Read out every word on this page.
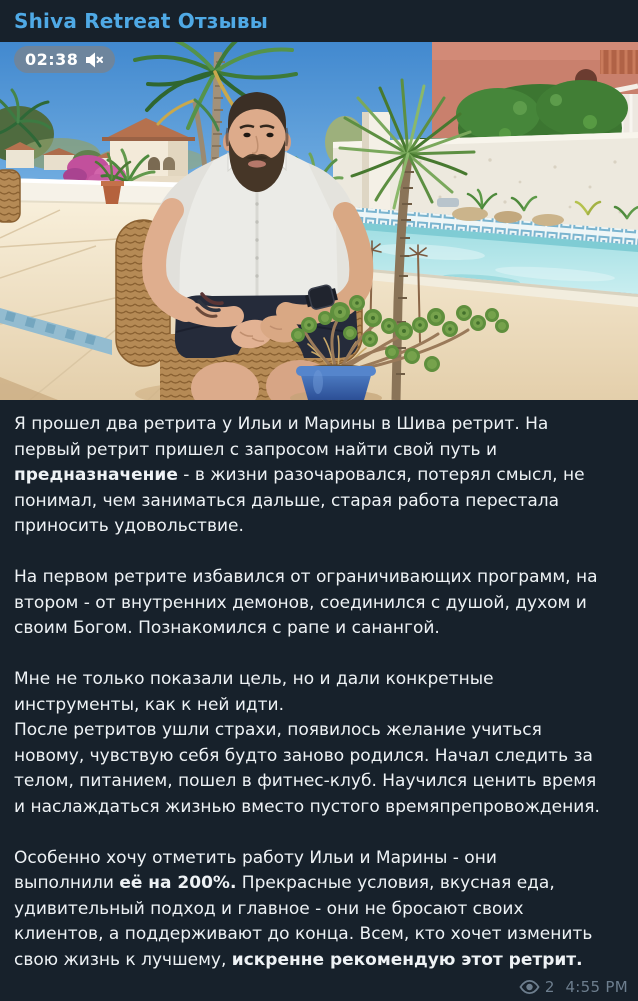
Shiva Retreat Отзывы
02:38
Я прошел два ретрита у Ильи и Марины в Шива ретрит. На
первый ретрит пришел с запросом найти свой путь и
предназначение - в жизни разочаровался, потерял смысл, не
понимал, чем заниматься дальше, старая работа перестала
приносить удовольствие.
На первом ретрите избавился от ограничивающих программ, на
втором - от внутренних демонов, соединился с душой, духом и
своим Богом. Познакомился с рапе и санангой.
Мне не только показали цель, но и дали конкретные
инструменты, как к ней идти.
После ретритов ушли страхи, появилось желание учиться
новому, чувствую себя будто заново родился. Начал следить за
телом, питанием, пошел в фитнес-клуб. Научился ценить время
и наслаждаться жизнью вместо пустого времяпрепровождения.
Особенно хочу отметить работу Ильи и Марины - они
выполнили её на 200%. Прекрасные условия, вкусная еда,
удивительный подход и главное - они не бросают своих
клиентов, а поддерживают до конца. Всем, кто хочет изменить
свою жизнь к лучшему, искренне рекомендую этот ретрит.
2 4:55 PM
